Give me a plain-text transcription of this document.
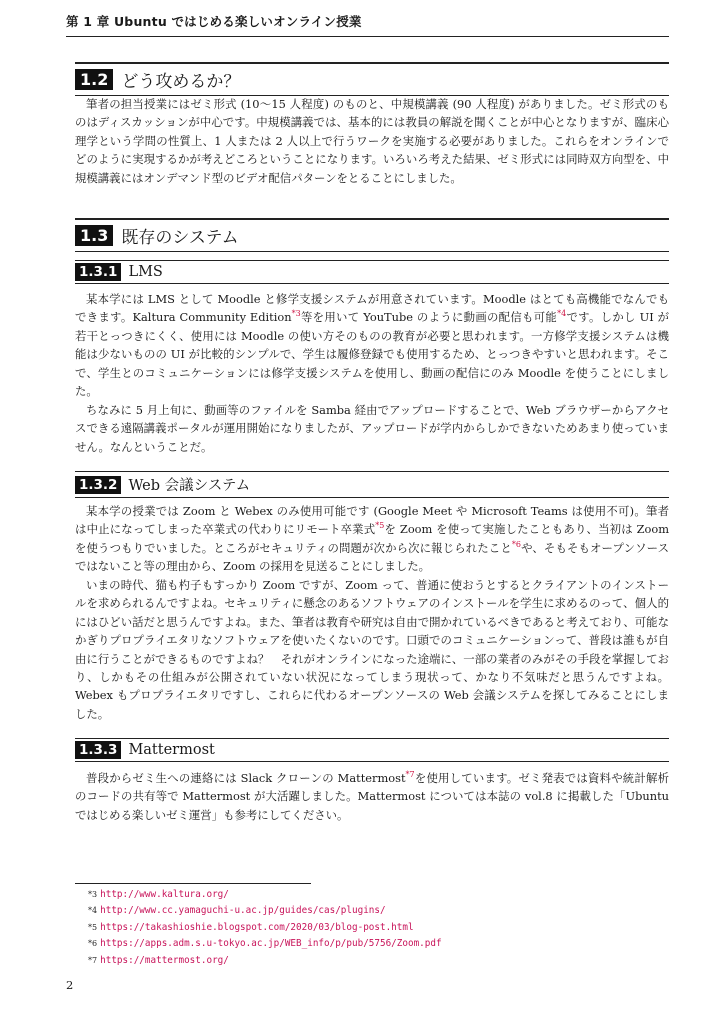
第 1 章 Ubuntu ではじめる楽しいオンライン授業
1.2 どう攻めるか？

筆者の担当授業にはゼミ形式 (10〜15 人程度) のものと、中規模講義 (90 人程度) がありました。ゼミ形式のものはディスカッションが中心です。中規模講義では、基本的には教員の解説を聞くことが中心となりますが、臨床心理学という学問の性質上、1 人または 2 人以上で行うワークを実施する必要がありました。これらをオンラインでどのように実現するかが考えどころということになります。いろいろ考えた結果、ゼミ形式には同時双方向型を、中規模講義にはオンデマンド型のビデオ配信パターンをとることにしました。

1.3 既存のシステム
1.3.1 LMS

某本学には LMS として Moodle と修学支援システムが用意されています。Moodle はとても高機能でなんでもできます。Kaltura Community Edition$^{*3}$等を用いて YouTube のように動画の配信も可能$^{*4}$です。しかし UI が若干とっつきにくく、使用には Moodle の使い方そのものの教育が必要と思われます。一方修学支援システムは機能は少ないものの UI が比較的シンプルで、学生は履修登録でも使用するため、とっつきやすいと思われます。そこで、学生とのコミュニケーションには修学支援システムを使用し、動画の配信にのみ Moodle を使うことにしました。

ちなみに 5 月上旬に、動画等のファイルを Samba 経由でアップロードすることで、Web ブラウザーからアクセスできる遠隔講義ポータルが運用開始になりましたが、アップロードが学内からしかできないためあまり使っていません。なんということだ。

1.3.2 Web 会議システム

某本学の授業では Zoom と Webex のみ使用可能です (Google Meet や Microsoft Teams は使用不可)。筆者は中止になってしまった卒業式の代わりにリモート卒業式$^{*5}$を Zoom を使って実施したこともあり、当初は Zoom を使うつもりでいました。ところがセキュリティの問題が次から次に報じられたこと$^{*6}$や、そもそもオープンソースではないこと等の理由から、Zoom の採用を見送ることにしました。

いまの時代、猫も杓子もすっかり Zoom ですが、Zoom って、普通に使おうとするとクライアントのインストールを求められるんですよね。セキュリティに懸念のあるソフトウェアのインストールを学生に求めるのって、個人的にはひどい話だと思うんですよね。また、筆者は教育や研究は自由で開かれているべきであると考えており、可能なかぎりプロプライエタリなソフトウェアを使いたくないのです。口頭でのコミュニケーションって、普段は誰もが自由に行うことができるものですよね？　それがオンラインになった途端に、一部の業者のみがその手段を掌握しており、しかもその仕組みが公開されていない状況になってしまう現状って、かなり不気味だと思うんですよね。Webex もプロプライエタリですし、これらに代わるオープンソースの Web 会議システムを探してみることにしました。

1.3.3 Mattermost

普段からゼミ生への連絡には Slack クローンの Mattermost$^{*7}$を使用しています。ゼミ発表では資料や統計解析のコードの共有等で Mattermost が大活躍しました。Mattermost については本誌の vol.8 に掲載した「Ubuntu ではじめる楽しいゼミ運営」も参考にしてください。

*3 http://www.kaltura.org/
*4 http://www.cc.yamaguchi-u.ac.jp/guides/cas/plugins/
*5 https://takashioshie.blogspot.com/2020/03/blog-post.html
*6 https://apps.adm.s.u-tokyo.ac.jp/WEB_info/p/pub/5756/Zoom.pdf
*7 https://mattermost.org/
2
